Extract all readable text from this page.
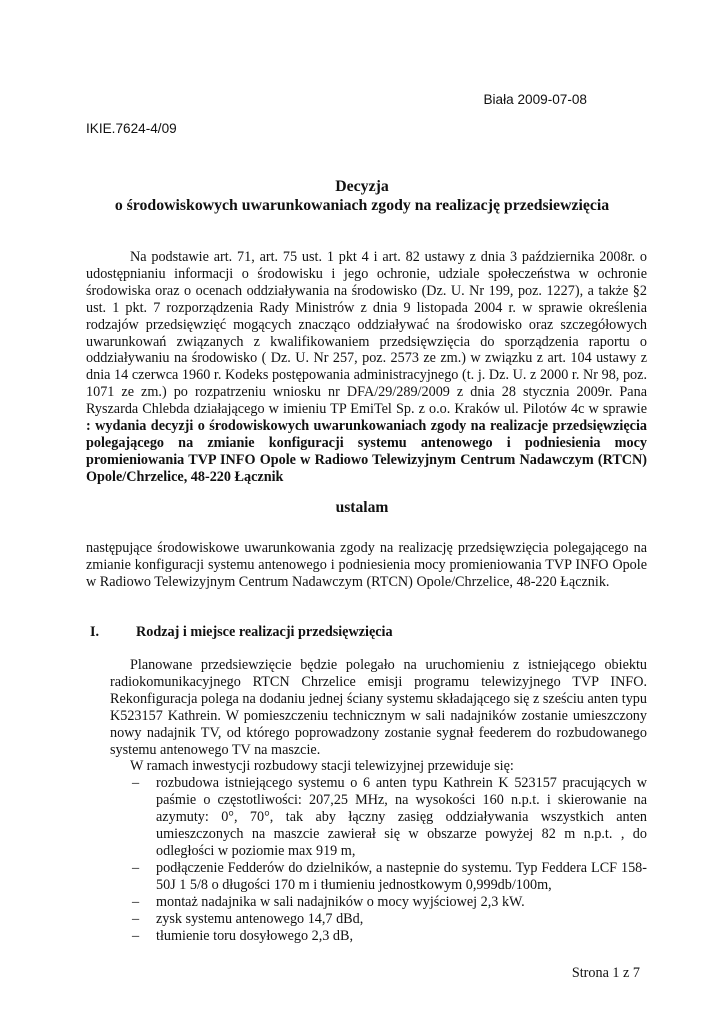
Biała 2009-07-08
IKIE.7624-4/09
Decyzja
o środowiskowych uwarunkowaniach zgody na realizację przedsiewzięcia
Na podstawie art. 71, art. 75 ust. 1 pkt 4 i art. 82 ustawy z dnia 3 października 2008r. o udostępnianiu informacji o środowisku i jego ochronie, udziale społeczeństwa w ochronie środowiska oraz o ocenach oddziaływania na środowisko (Dz. U. Nr 199, poz. 1227), a także §2 ust. 1 pkt. 7 rozporządzenia Rady Ministrów z dnia 9 listopada 2004 r. w sprawie określenia rodzajów przedsięwzięć mogących znacząco oddziaływać na środowisko oraz szczegółowych uwarunkowań związanych z kwalifikowaniem przedsięwzięcia do sporządzenia raportu o oddziaływaniu na środowisko ( Dz. U. Nr 257, poz. 2573 ze zm.) w związku z art. 104 ustawy z dnia 14 czerwca 1960 r. Kodeks postępowania administracyjnego (t. j. Dz. U. z 2000 r. Nr 98, poz. 1071 ze zm.) po rozpatrzeniu wniosku nr DFA/29/289/2009 z dnia 28 stycznia 2009r. Pana Ryszarda Chlebda działającego w imieniu TP EmiTel Sp. z o.o. Kraków ul. Pilotów 4c w sprawie : wydania decyzji o środowiskowych uwarunkowaniach zgody na realizacje przedsięwzięcia polegającego na zmianie konfiguracji systemu antenowego i podniesienia mocy promieniowania TVP INFO Opole w Radiowo Telewizyjnym Centrum Nadawczym (RTCN) Opole/Chrzelice, 48-220 Łącznik
ustalam
następujące środowiskowe uwarunkowania zgody na realizację przedsięwzięcia polegającego na zmianie konfiguracji systemu antenowego i podniesienia mocy promieniowania TVP INFO Opole w Radiowo Telewizyjnym Centrum Nadawczym (RTCN) Opole/Chrzelice, 48-220 Łącznik.
I.	Rodzaj i miejsce realizacji przedsięwzięcia
Planowane przedsiewzięcie będzie polegało na uruchomieniu z istniejącego obiektu radiokomunikacyjnego RTCN Chrzelice emisji programu telewizyjnego TVP INFO. Rekonfiguracja polega na dodaniu jednej ściany systemu składającego się z sześciu anten typu K523157 Kathrein. W pomieszczeniu technicznym w sali nadajników zostanie umieszczony nowy nadajnik TV, od którego poprowadzony zostanie sygnał feederem do rozbudowanego systemu antenowego TV na maszcie.

W ramach inwestycji rozbudowy stacji telewizyjnej przewiduje się:

– rozbudowa istniejącego systemu o 6 anten typu Kathrein K 523157 pracujących w paśmie o częstotliwości: 207,25 MHz, na wysokości 160 n.p.t. i skierowanie na azymuty: 0°, 70°, tak aby łączny zasięg oddziaływania wszystkich anten umieszczonych na maszcie zawierał się w obszarze powyżej 82 m n.p.t. , do odległości w poziomie max 919 m,
– podłączenie Fedderów do dzielników, a nastepnie do systemu. Typ Feddera LCF 158-50J 1 5/8 o długości 170 m i tłumieniu jednostkowym 0,999db/100m,
– montaż nadajnika w sali nadajników o mocy wyjściowej 2,3 kW.
– zysk systemu antenowego 14,7 dBd,
– tłumienie toru dosyłowego 2,3 dB,
Strona 1 z 7
